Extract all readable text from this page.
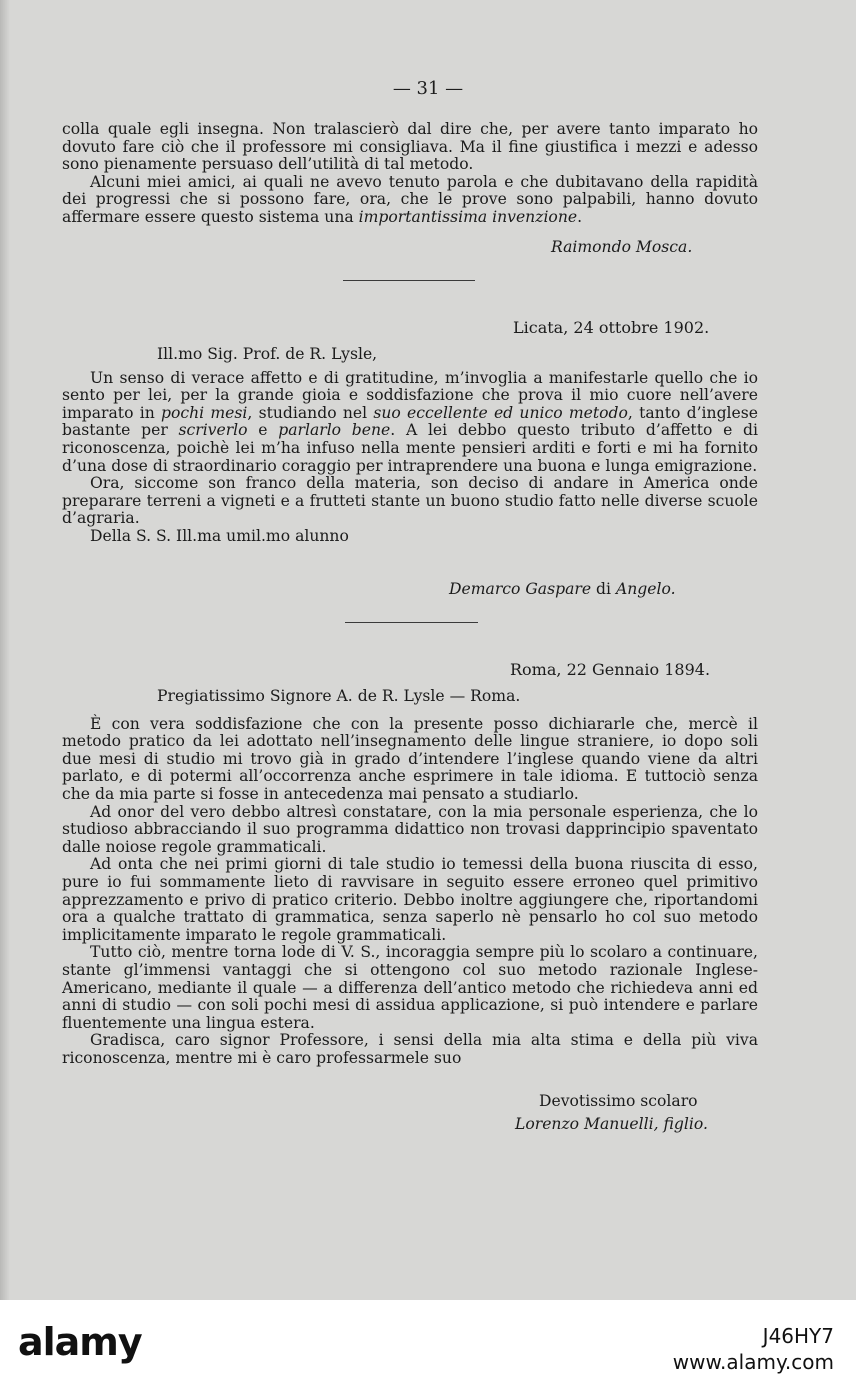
— 31 —

colla quale egli insegna. Non tralascierò dal dire che, per avere tanto imparato ho dovuto fare ciò che il professore mi consigliava. Ma il fine giustifica i mezzi e adesso sono pienamente persuaso dell’utilità di tal metodo.

Alcuni miei amici, ai quali ne avevo tenuto parola e che dubitavano della rapidità dei progressi che si possono fare, ora, che le prove sono palpabili, hanno dovuto affermare essere questo sistema una importantissima invenzione.

Raimondo Mosca.
Licata, 24 ottobre 1902.

Ill.mo Sig. Prof. de R. Lysle,

Un senso di verace affetto e di gratitudine, m’invoglia a manifestarle quello che io sento per lei, per la grande gioia e soddisfazione che prova il mio cuore nell’avere imparato in pochi mesi, studiando nel suo eccellente ed unico metodo, tanto d’inglese bastante per scriverlo e parlarlo bene. A lei debbo questo tributo d’affetto e di riconoscenza, poichè lei m’ha infuso nella mente pensieri arditi e forti e mi ha fornito d’una dose di straordinario coraggio per intraprendere una buona e lunga emigrazione.

Ora, siccome son franco della materia, son deciso di andare in America onde preparare terreni a vigneti e a frutteti stante un buono studio fatto nelle diverse scuole d’agraria.

Della S. S. Ill.ma umil.mo alunno

Demarco Gaspare di Angelo.
Roma, 22 Gennaio 1894.

Pregiatissimo Signore A. de R. Lysle — Roma.

È con vera soddisfazione che con la presente posso dichiararle che, mercè il metodo pratico da lei adottato nell’insegnamento delle lingue straniere, io dopo soli due mesi di studio mi trovo già in grado d’intendere l’inglese quando viene da altri parlato, e di potermi all’occorrenza anche esprimere in tale idioma. E tuttociò senza che da mia parte si fosse in antecedenza mai pensato a studiarlo.

Ad onor del vero debbo altresì constatare, con la mia personale esperienza, che lo studioso abbracciando il suo programma didattico non trovasi dapprincipio spaventato dalle noiose regole grammaticali.

Ad onta che nei primi giorni di tale studio io temessi della buona riuscita di esso, pure io fui sommamente lieto di ravvisare in seguito essere erroneo quel primitivo apprezzamento e privo di pratico criterio. Debbo inoltre aggiungere che, riportandomi ora a qualche trattato di grammatica, senza saperlo nè pensarlo ho col suo metodo implicitamente imparato le regole grammaticali.

Tutto ciò, mentre torna lode di V. S., incoraggia sempre più lo scolaro a continuare, stante gl’immensi vantaggi che si ottengono col suo metodo razionale Inglese-Americano, mediante il quale — a differenza dell’antico metodo che richiedeva anni ed anni di studio — con soli pochi mesi di assidua applicazione, si può intendere e parlare fluentemente una lingua estera.

Gradisca, caro signor Professore, i sensi della mia alta stima e della più viva riconoscenza, mentre mi è caro professarmele suo

Devotissimo scolaro
Lorenzo Manuelli, figlio.
alamy	J46HY7
www.alamy.com
